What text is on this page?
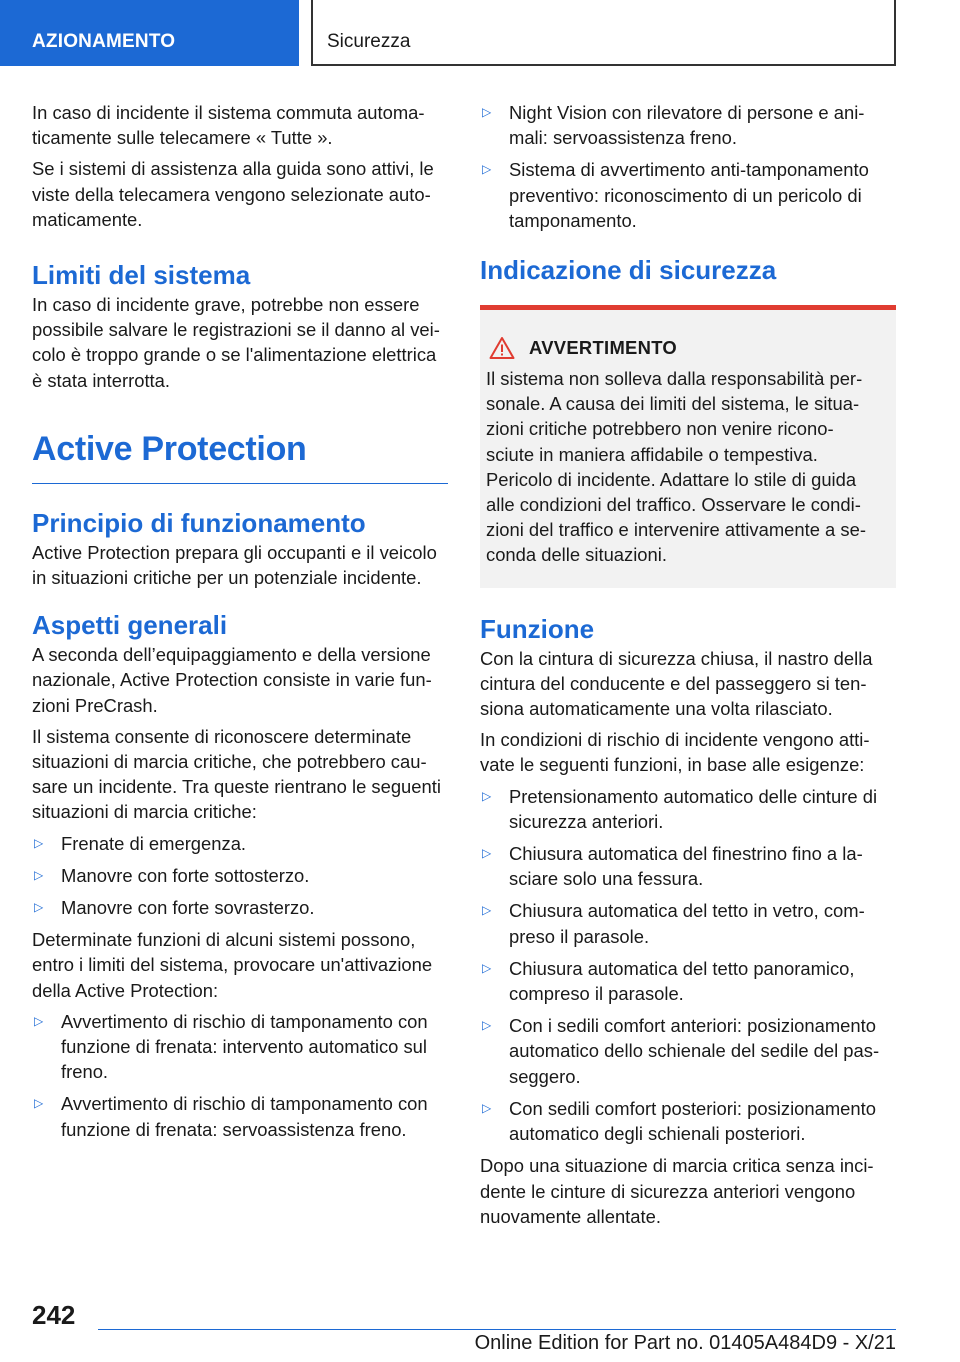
AZIONAMENTO	Sicurezza

In caso di incidente il sistema commuta automaticamente sulle telecamere « Tutte ».

Se i sistemi di assistenza alla guida sono attivi, le viste della telecamera vengono selezionate automaticamente.

Limiti del sistema

In caso di incidente grave, potrebbe non essere possibile salvare le registrazioni se il danno al veicolo è troppo grande o se l'alimentazione elettrica è stata interrotta.

Active Protection
Principio di funzionamento

Active Protection prepara gli occupanti e il veicolo in situazioni critiche per un potenziale incidente.

Aspetti generali

A seconda dell’equipaggiamento e della versione nazionale, Active Protection consiste in varie funzioni PreCrash.

Il sistema consente di riconoscere determinate situazioni di marcia critiche, che potrebbero causare un incidente. Tra queste rientrano le seguenti situazioni di marcia critiche:

▷ Frenate di emergenza.
▷ Manovre con forte sottosterzo.
▷ Manovre con forte sovrasterzo.

Determinate funzioni di alcuni sistemi possono, entro i limiti del sistema, provocare un'attivazione della Active Protection:

▷ Avvertimento di rischio di tamponamento con funzione di frenata: intervento automatico sul freno.
▷ Avvertimento di rischio di tamponamento con funzione di frenata: servoassistenza freno.
▷ Night Vision con rilevatore di persone e animali: servoassistenza freno.
▷ Sistema di avvertimento anti-tamponamento preventivo: riconoscimento di un pericolo di tamponamento.
Indicazione di sicurezza
AVVERTIMENTO

Il sistema non solleva dalla responsabilità personale. A causa dei limiti del sistema, le situazioni critiche potrebbero non venire riconosciute in maniera affidabile o tempestiva. Pericolo di incidente. Adattare lo stile di guida alle condizioni del traffico. Osservare le condizioni del traffico e intervenire attivamente a seconda delle situazioni.

Funzione

Con la cintura di sicurezza chiusa, il nastro della cintura del conducente e del passeggero si tensiona automaticamente una volta rilasciato.

In condizioni di rischio di incidente vengono attivate le seguenti funzioni, in base alle esigenze:

▷ Pretensionamento automatico delle cinture di sicurezza anteriori.
▷ Chiusura automatica del finestrino fino a lasciare solo una fessura.
▷ Chiusura automatica del tetto in vetro, compreso il parasole.
▷ Chiusura automatica del tetto panoramico, compreso il parasole.
▷ Con i sedili comfort anteriori: posizionamento automatico dello schienale del sedile del passeggero.
▷ Con sedili comfort posteriori: posizionamento automatico degli schienali posteriori.

Dopo una situazione di marcia critica senza incidente le cinture di sicurezza anteriori vengono nuovamente allentate.

242
Online Edition for Part no. 01405A484D9 - X/21
